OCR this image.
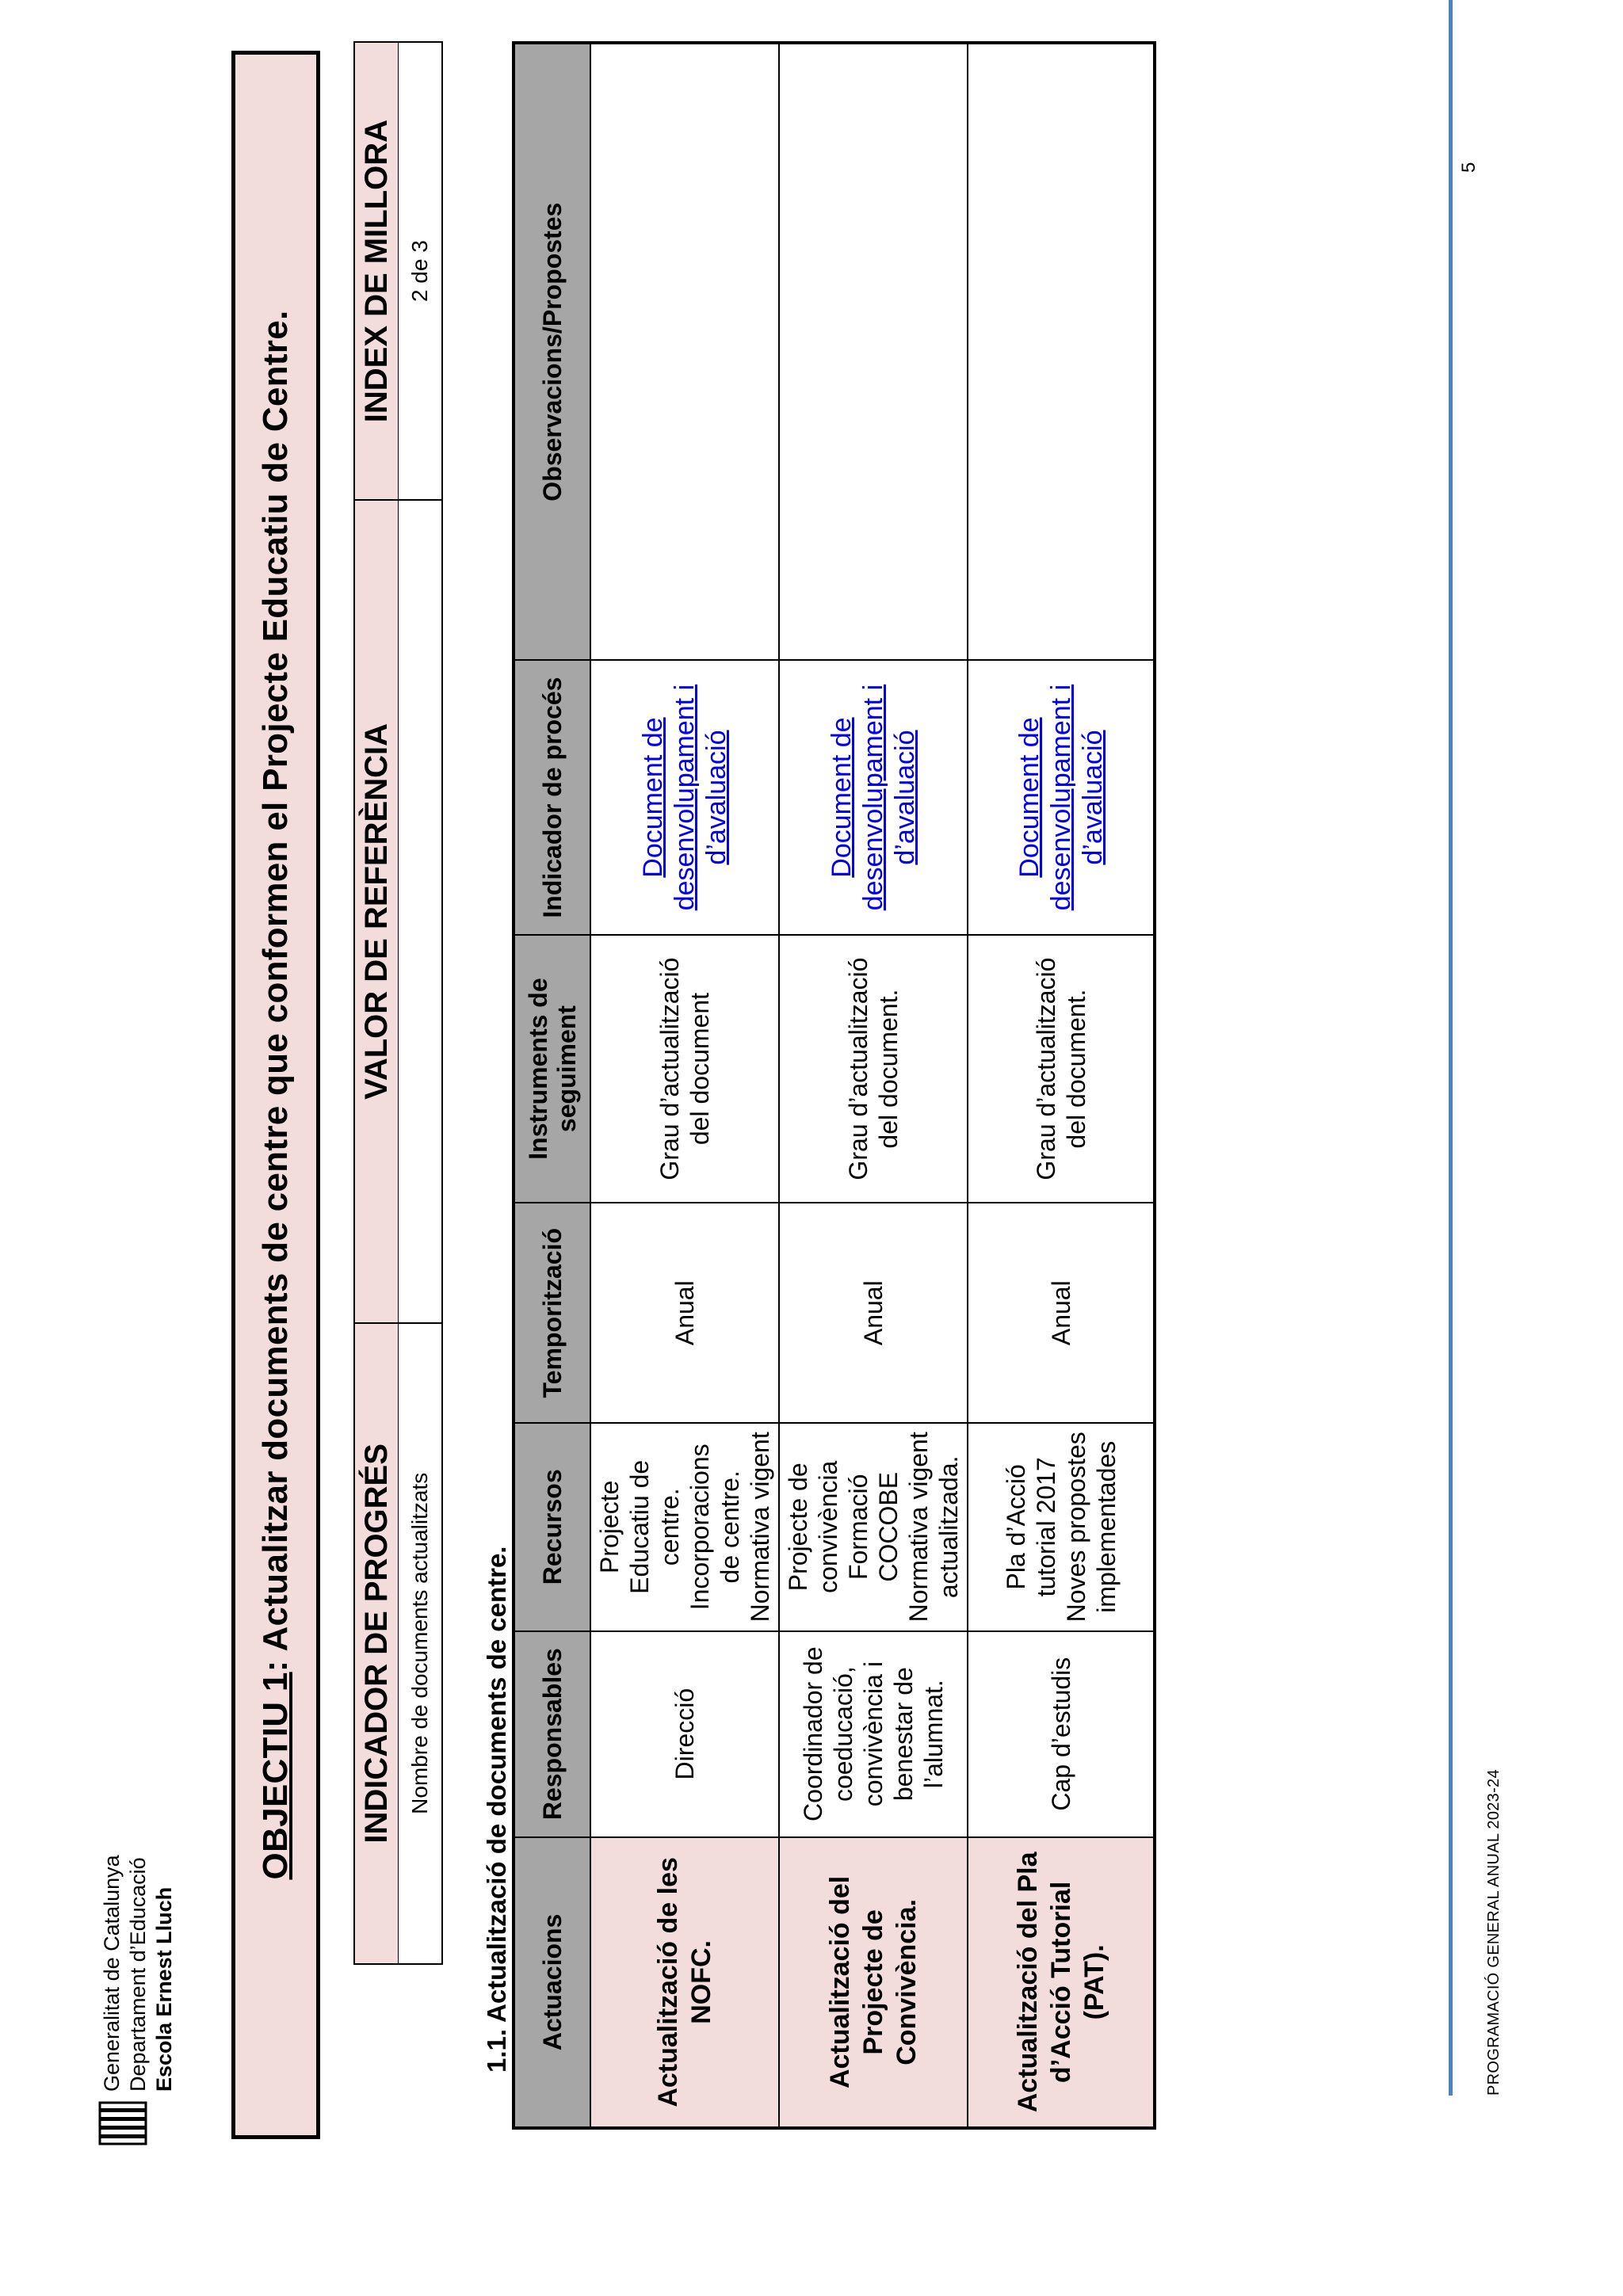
Generalitat de Catalunya Departament d’Educació Escola Ernest Lluch
OBJECTIU 1
: Actualitzar documents de centre que conformen el Projecte Educatiu de Centre. INDICADOR DE PROGRÉS	VALOR DE REFERÈNCIA	INDEX DE MILLORA
Nombre de documents actualitzats		2 de 3
1.1. Actualització de documents de centre. Actuacions	Responsables	Recursos	Temporització	Instruments de seguiment	Indicador de procés	Observacions/Propostes
Actualització de les NOFC.	Direcció	Projecte Educatiu de centre. Incorporacions de centre. Normativa vigent	Anual	Grau d’actualització del document	Document de desenvolupament i d’avaluació	
Actualització del Projecte de Convivència.	Coordinador de coeducació, convivència i benestar de l’alumnat.	Projecte de convivència Formació COCOBE Normativa vigent actualitzada.	Anual	Grau d’actualització del document.	Document de desenvolupament i d’avaluació	
Actualització del Pla d’Acció Tutorial (PAT).	Cap d’estudis	Pla d’Acció tutorial 2017 Noves propostes implementades	Anual	Grau d’actualització del document.	Document de desenvolupament i d’avaluació	
PROGRAMACIÓ GENERAL ANUAL 2023-24
5
